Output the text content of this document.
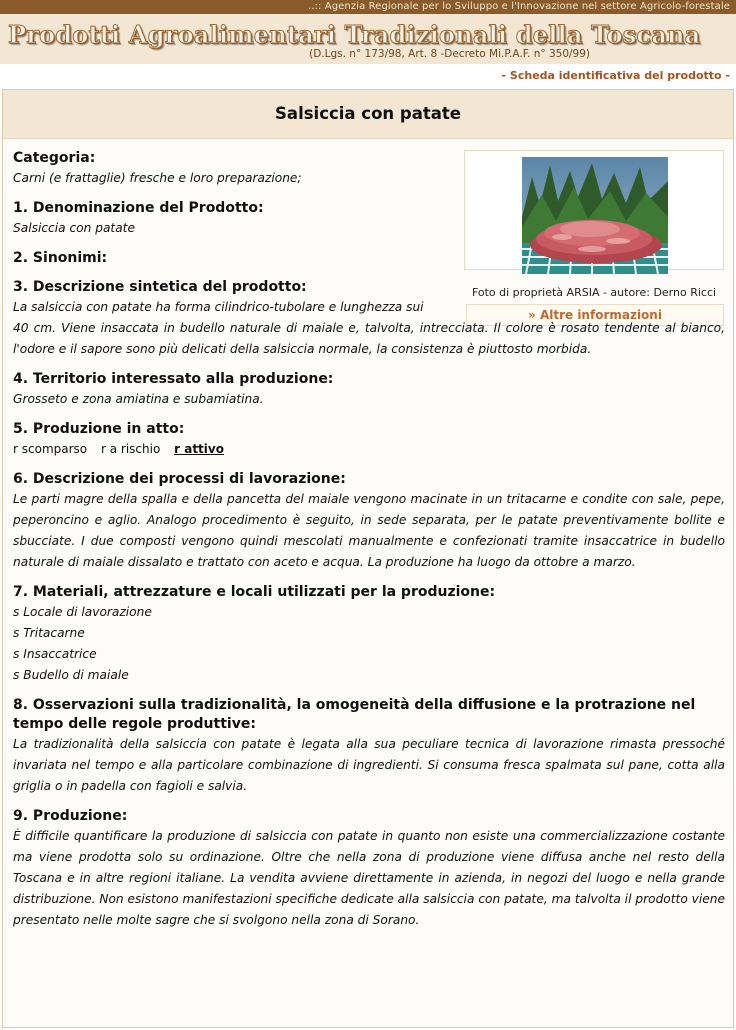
..:: Agenzia Regionale per lo Sviluppo e l'Innovazione nel settore Agricolo-forestale
Prodotti Agroalimentari Tradizionali della Toscana
(D.Lgs. n° 173/98, Art. 8 -Decreto Mi.P.A.F. n° 350/99)
- Scheda identificativa del prodotto -
Salsiccia con patate
Foto di proprietà ARSIA - autore: Derno Ricci
» Altre informazioni

Categoria:

Carni (e frattaglie) fresche e loro preparazione;

1. Denominazione del Prodotto:

Salsiccia con patate

2. Sinonimi:

3. Descrizione sintetica del prodotto:

La salsiccia con patate ha forma cilindrico-tubolare e lunghezza sui

40 cm. Viene insaccata in budello naturale di maiale e, talvolta, intrecciata. Il colore è rosato tendente al bianco, l'odore e il sapore sono più delicati della salsiccia normale, la consistenza è piuttosto morbida.

4. Territorio interessato alla produzione:

Grosseto e zona amiatina e subamiatina.

5. Produzione in atto:

r scomparso r a rischio r attivo

6. Descrizione dei processi di lavorazione:

Le parti magre della spalla e della pancetta del maiale vengono macinate in un tritacarne e condite con sale, pepe, peperoncino e aglio. Analogo procedimento è seguito, in sede separata, per le patate preventivamente bollite e sbucciate. I due composti vengono quindi mescolati manualmente e confezionati tramite insaccatrice in budello naturale di maiale dissalato e trattato con aceto e acqua. La produzione ha luogo da ottobre a marzo.

7. Materiali, attrezzature e locali utilizzati per la produzione:

s Locale di lavorazione
s Tritacarne
s Insaccatrice
s Budello di maiale

8. Osservazioni sulla tradizionalità, la omogeneità della diffusione e la protrazione nel tempo delle regole produttive:

La tradizionalità della salsiccia con patate è legata alla sua peculiare tecnica di lavorazione rimasta pressoché invariata nel tempo e alla particolare combinazione di ingredienti. Si consuma fresca spalmata sul pane, cotta alla griglia o in padella con fagioli e salvia.

9. Produzione:

È difficile quantificare la produzione di salsiccia con patate in quanto non esiste una commercializzazione costante ma viene prodotta solo su ordinazione. Oltre che nella zona di produzione viene diffusa anche nel resto della Toscana e in altre regioni italiane. La vendita avviene direttamente in azienda, in negozi del luogo e nella grande distribuzione. Non esistono manifestazioni specifiche dedicate alla salsiccia con patate, ma talvolta il prodotto viene presentato nelle molte sagre che si svolgono nella zona di Sorano.
